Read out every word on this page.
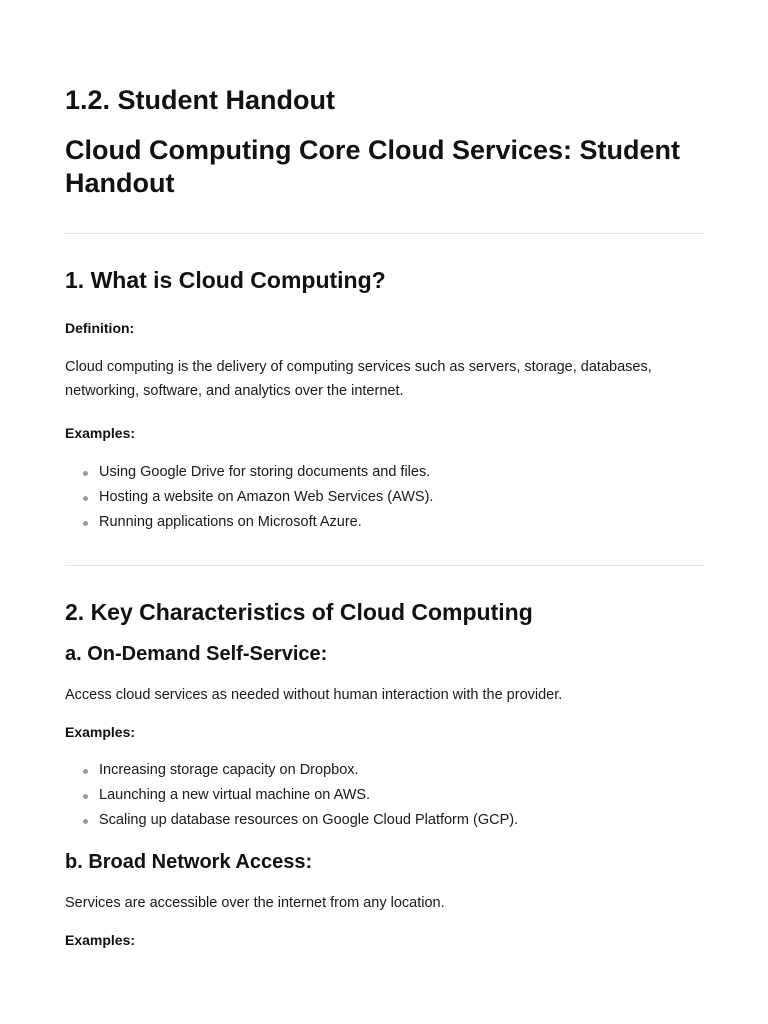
1.2. Student Handout
Cloud Computing Core Cloud Services: Student Handout
1. What is Cloud Computing?

Definition:

Cloud computing is the delivery of computing services such as servers, storage, databases, networking, software, and analytics over the internet.

Examples:

Using Google Drive for storing documents and files.
Hosting a website on Amazon Web Services (AWS).
Running applications on Microsoft Azure.
2. Key Characteristics of Cloud Computing
a. On-Demand Self-Service:

Access cloud services as needed without human interaction with the provider.

Examples:

Increasing storage capacity on Dropbox.
Launching a new virtual machine on AWS.
Scaling up database resources on Google Cloud Platform (GCP).
b. Broad Network Access:

Services are accessible over the internet from any location.

Examples:
